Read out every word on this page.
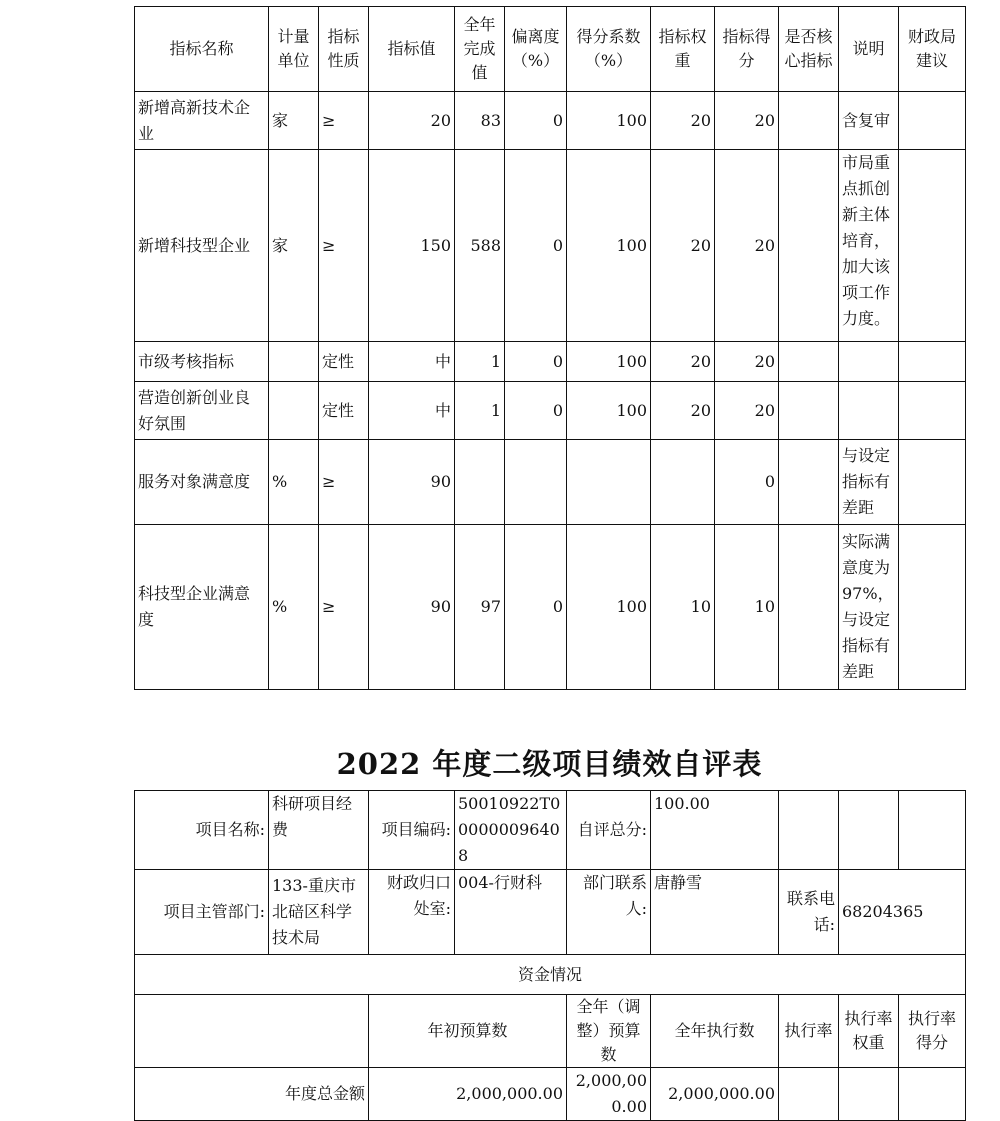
指标名称	计量单位	指标性质	指标值	全年完成值	偏离度（%）	得分系数（%）	指标权重	指标得分	是否核心指标	说明	财政局建议
新增高新技术企业	家	≥	20	83	0	100	20	20		含复审	
新增科技型企业	家	≥	150	588	0	100	20	20		市局重点抓创新主体培育，加大该项工作力度。	
市级考核指标		定性	中	1	0	100	20	20			
营造创新创业良好氛围		定性	中	1	0	100	20	20			
服务对象满意度	%	≥	90					0		与设定指标有差距	
科技型企业满意度	%	≥	90	97	0	100	10	10		实际满意度为97%，与设定指标有差距	
2022 年度二级项目绩效自评表
项目名称:	科研项目经费	项目编码:	50010922T000000096408	自评总分:	100.00			
项目主管部门:	133-重庆市北碚区科学技术局	财政归口处室:	004-行财科	部门联系人:	唐静雪	联系电话:	68204365	
资金情况								
		年初预算数		全年（调整）预算数	全年执行数	执行率	执行率权重	执行率得分
年度总金额		2,000,000.00		2,000,000.00	2,000,000.00			
